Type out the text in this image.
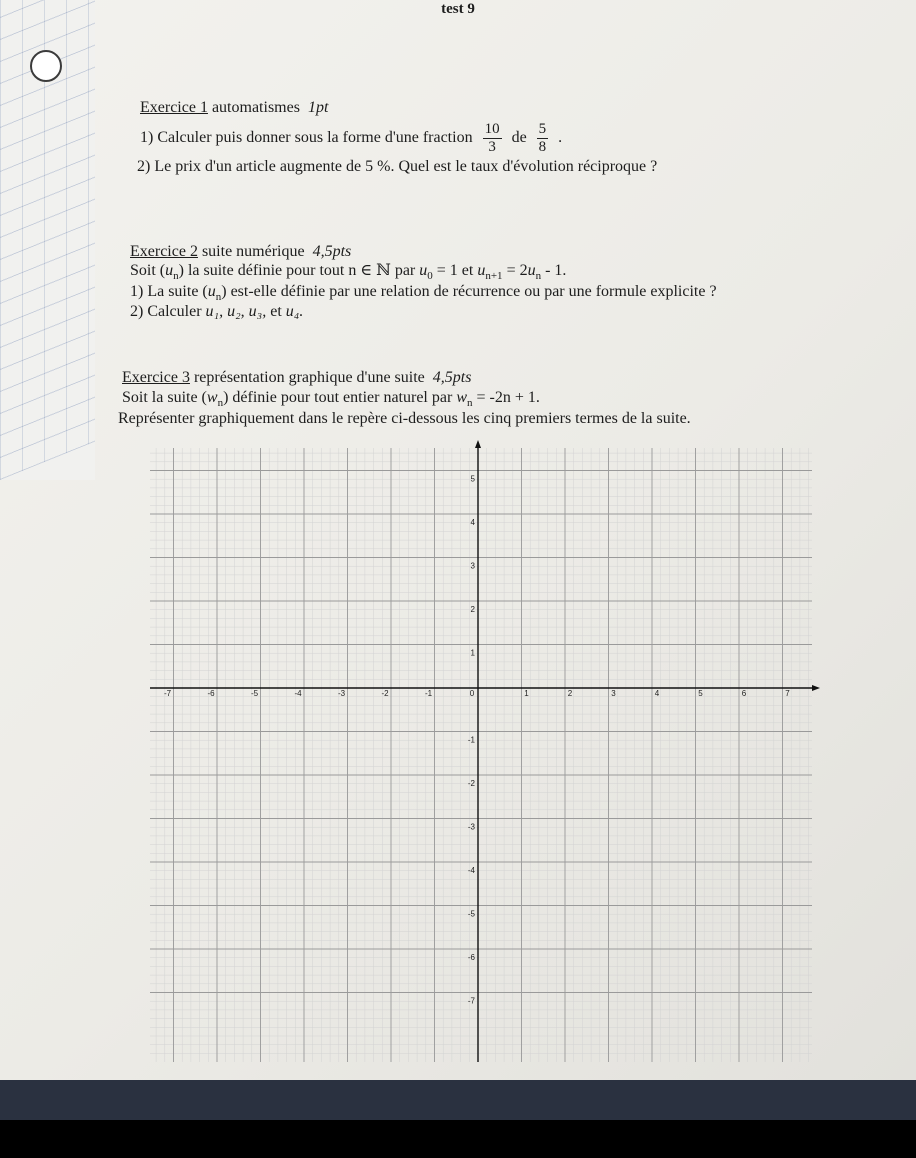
test 9
Exercice 1 automatismes 1pt
1) Calculer puis donner sous la forme d'une fraction $\frac{10}{3}$ de $\frac{5}{8}$ .
2) Le prix d'un article augmente de 5 %. Quel est le taux d'évolution réciproque ?
Exercice 2 suite numérique 4,5pts
Soit $(u_n)$ la suite définie pour tout n ∈ ℕ par $u_0 = 1$ et $u_{n+1} = 2u_n - 1$.
1) La suite $(u_n)$ est-elle définie par une relation de récurrence ou par une formule explicite ?
2) Calculer u₁, u₂, u₃, et u₄.
Exercice 3 représentation graphique d'une suite 4,5pts
Soit la suite $(w_n)$ définie pour tout entier naturel par $w_n = -2n + 1$.
Représenter graphiquement dans le repère ci-dessous les cinq premiers termes de la suite.
-7	-6	-5	-4	-3	-2	-1	0	1	2	3	4	5	6	7
5
4
3
2
1
-1
-2
-3
-4
-5
-6
-7
